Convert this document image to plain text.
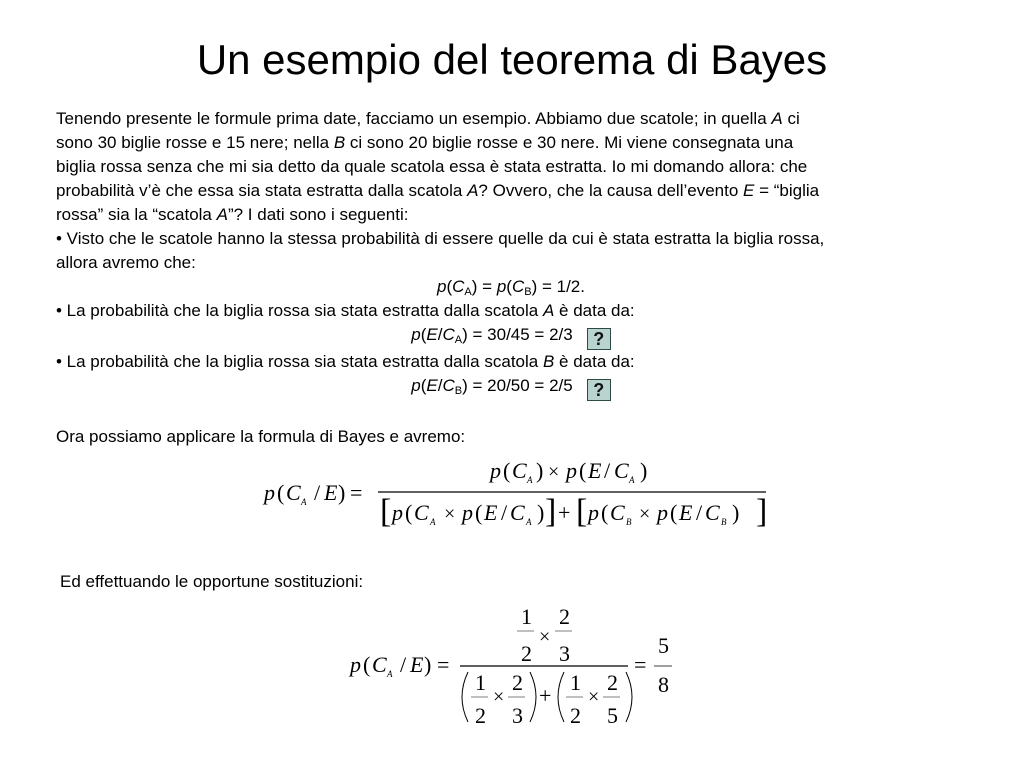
Un esempio del teorema di Bayes
Tenendo presente le formule prima date, facciamo un esempio. Abbiamo due scatole; in quella A ci
sono 30 biglie rosse e 15 nere; nella B ci sono 20 biglie rosse e 30 nere. Mi viene consegnata una
biglia rossa senza che mi sia detto da quale scatola essa è stata estratta. Io mi domando allora: che
probabilità v’è che essa sia stata estratta dalla scatola A? Ovvero, che la causa dell’evento E = “biglia
rossa” sia la “scatola A”? I dati sono i seguenti:
• Visto che le scatole hanno la stessa probabilità di essere quelle da cui è stata estratta la biglia rossa,
allora avremo che:
$p(C_A) = p(C_B) = 1/2$.
• La probabilità che la biglia rossa sia stata estratta dalla scatola A è data da:
$p(E/C_A) = 30/45 = 2/3$ ?
• La probabilità che la biglia rossa sia stata estratta dalla scatola B è data da:
$p(E/C_B) = 20/50 = 2/5$ ?
Ora possiamo applicare la formula di Bayes e avremo:
p ( C A / E ) =
p ( C A ) × p ( E / C A )
[ p ( C A × p ( E / C A ) ] + [ p ( C B × p ( E / C B ) ]
Ed effettuando le opportune sostituzioni:
p ( C A / E ) =
1
2
×
2
3
1
2
×
2
3
+
1
2
×
2
5
=
5
8
